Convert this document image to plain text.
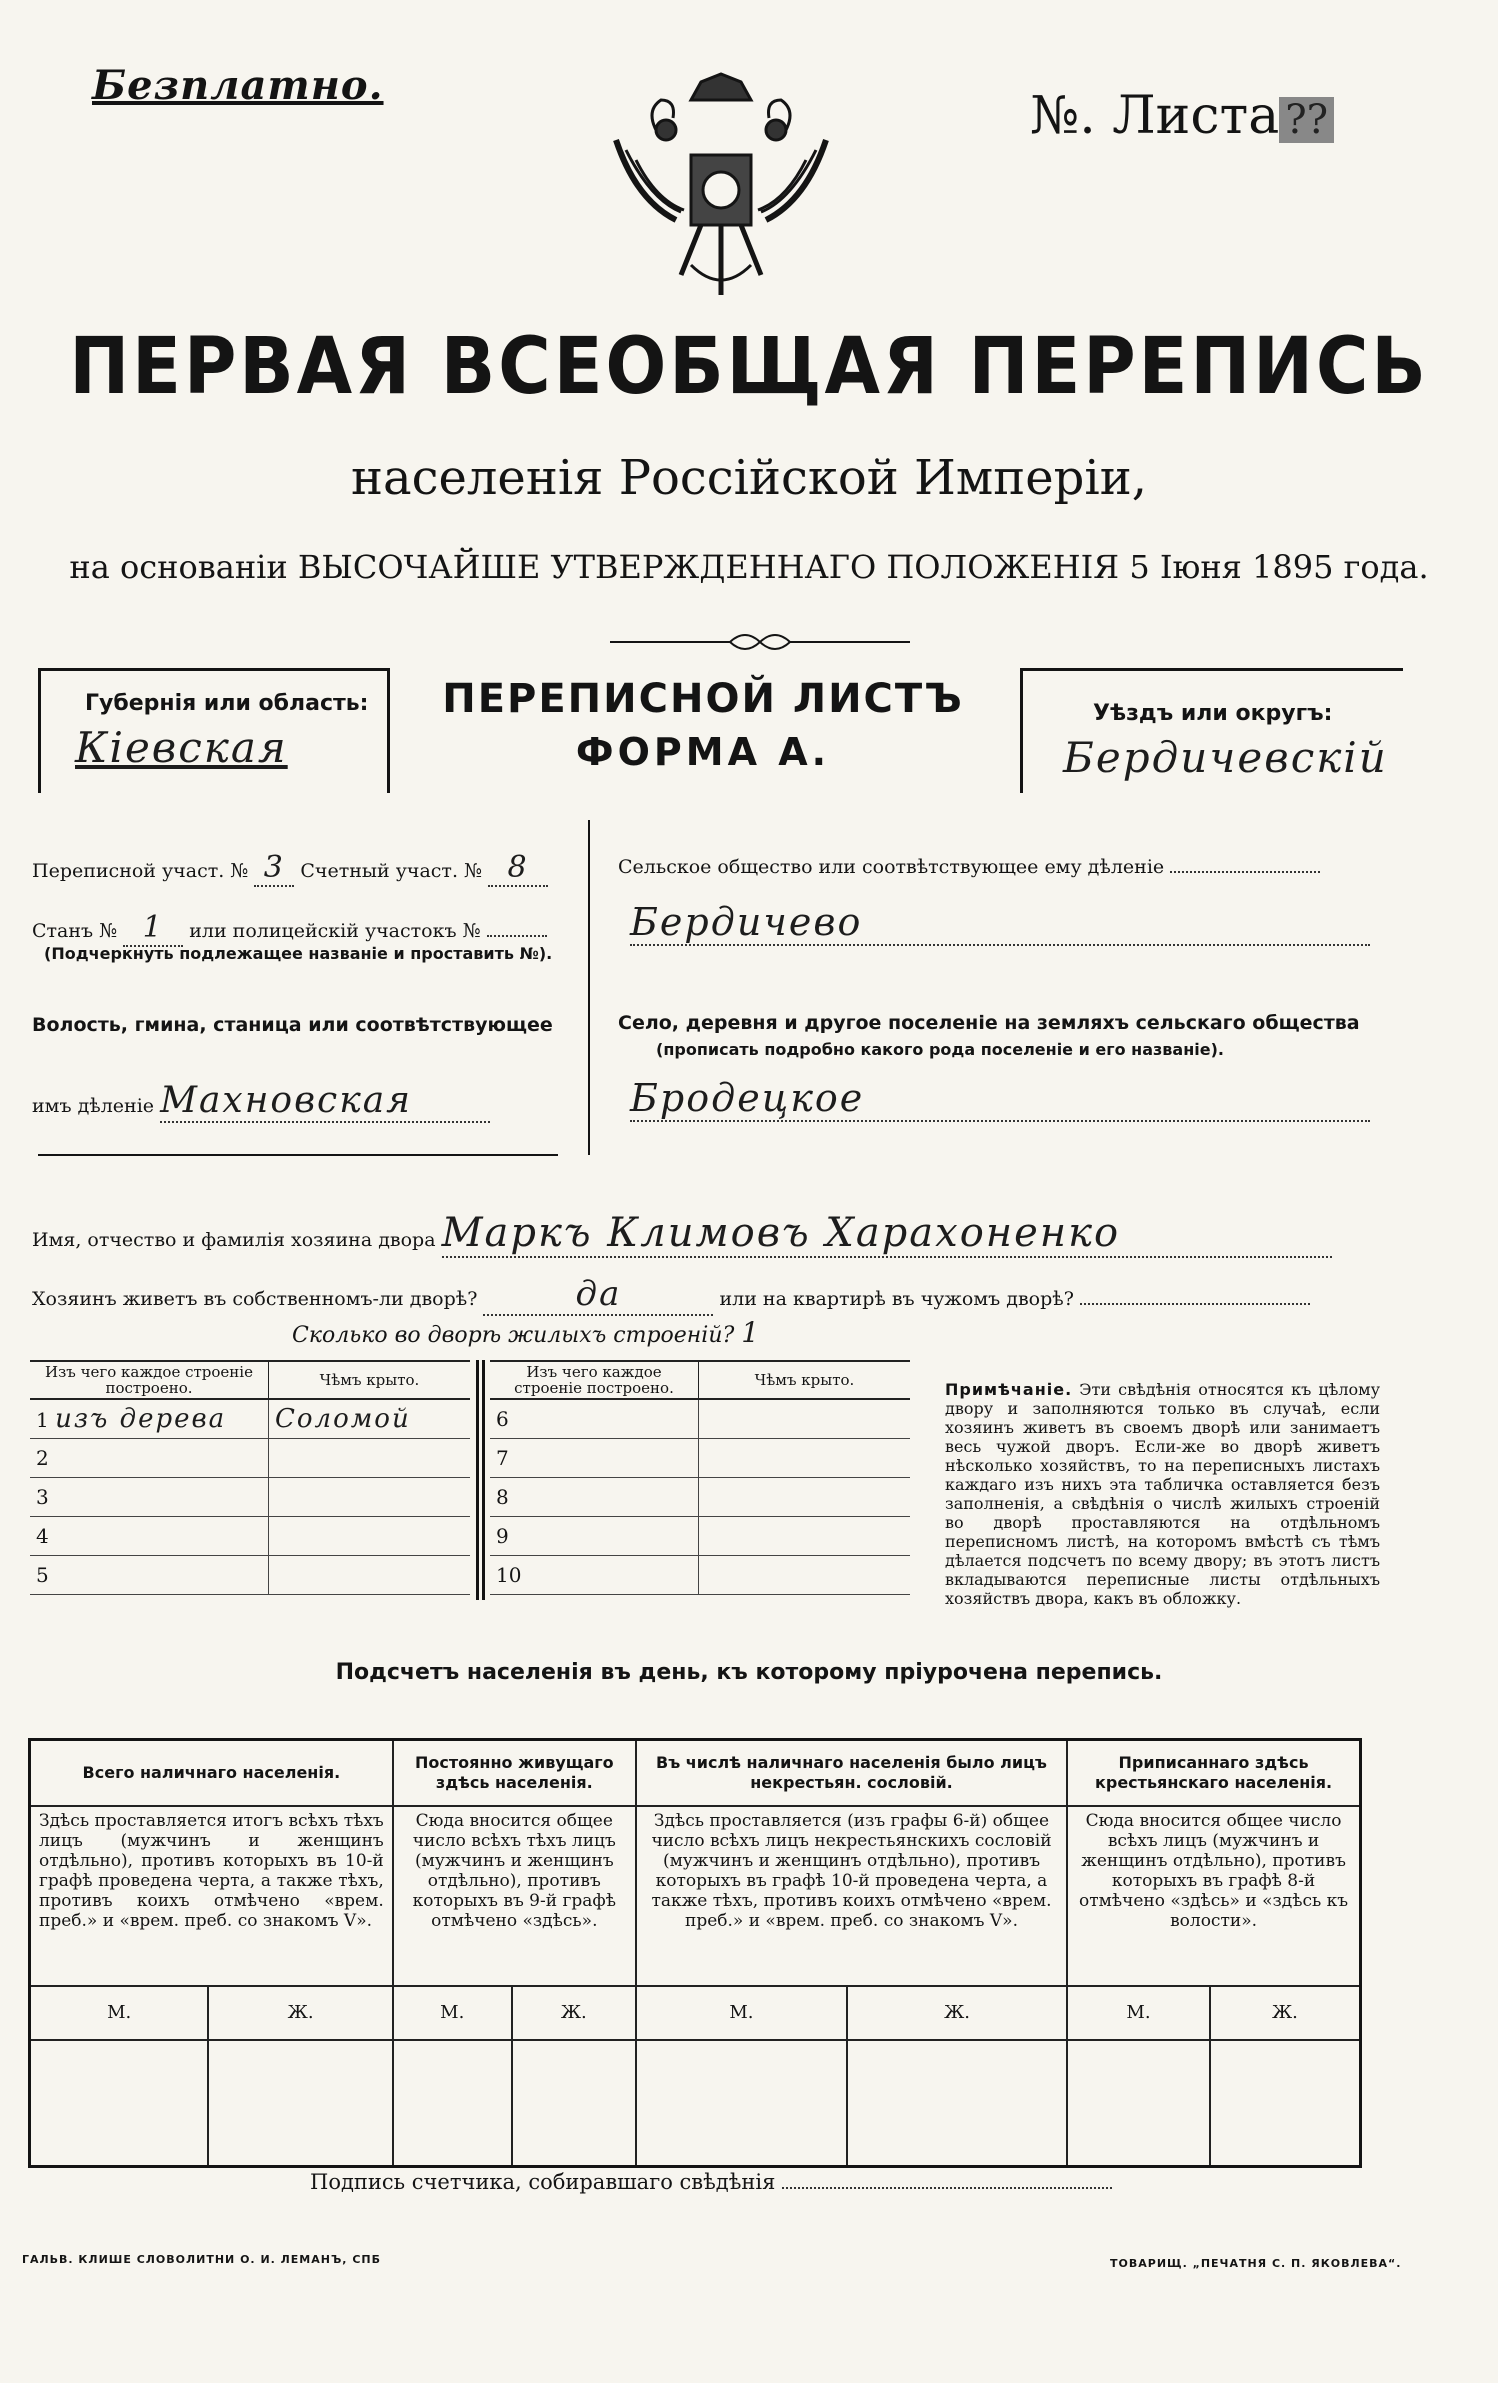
Безплатно.
№. Листа ??
ПЕРВАЯ ВСЕОБЩАЯ ПЕРЕПИСЬ
населенія Россійской Имперіи,
на основаніи ВЫСОЧАЙШЕ УТВЕРЖДЕННАГО ПОЛОЖЕНІЯ 5 Іюня 1895 года.
Губернія или область:
Кіевская
ПЕРЕПИСНОЙ ЛИСТЪ
ФОРМА А.
Уѣздъ или округъ:
Бердичевскій
Переписной участ. № 3 Счетный участ. № 8
Станъ № 1 или полицейскій участокъ №
(Подчеркнуть подлежащее названіе и проставить №).
Волость, гмина, станица или соотвѣтствующее
имъ дѣленіе Махновская
Сельское общество или соотвѣтствующее ему дѣленіе
Бердичево
Село, деревня и другое поселеніе на земляхъ сельскаго общества
(прописать подробно какого рода поселеніе и его названіе).
Бродецкое
Имя, отчество и фамилія хозяина двора Маркъ Климовъ Харахоненко
Хозяинъ живетъ въ собственномъ-ли дворѣ?	да	или на квартирѣ въ чужомъ дворѣ?
Сколько во дворѣ жилыхъ строеній? 1
Изъ чего каждое строеніе построено.	Чѣмъ крыто.
1 изъ дерева	Соломой
2	
3	
4	
5	
Изъ чего каждое строеніе построено.	Чѣмъ крыто.
6	
7	
8	
9	
10	
Примѣчаніе. Эти свѣдѣнія относятся къ цѣлому двору и заполняются только въ случаѣ, если хозяинъ живетъ въ своемъ дворѣ или занимаетъ весь чужой дворъ. Если-же во дворѣ живетъ нѣсколько хозяйствъ, то на переписныхъ листахъ каждаго изъ нихъ эта табличка оставляется безъ заполненія, а свѣдѣнія о числѣ жилыхъ строеній во дворѣ проставляются на отдѣльномъ переписномъ листѣ, на которомъ вмѣстѣ съ тѣмъ дѣлается подсчетъ по всему двору; въ этотъ листъ вкладываются переписные листы отдѣльныхъ хозяйствъ двора, какъ въ обложку.
Подсчетъ населенія въ день, къ которому пріурочена перепись.
Всего наличнаго населенія.		Постоянно живущаго здѣсь населенія.		Въ числѣ наличнаго населенія было лицъ некрестьян. сословій.		Приписаннаго здѣсь крестьянскаго населенія.	
Здѣсь проставляется итогъ всѣхъ тѣхъ лицъ (мужчинъ и женщинъ отдѣльно), противъ которыхъ въ 10-й графѣ проведена черта, а также тѣхъ, противъ коихъ отмѣчено «врем. преб.» и «врем. преб. со знакомъ V».		Сюда вносится общее число всѣхъ тѣхъ лицъ (мужчинъ и женщинъ отдѣльно), противъ которыхъ въ 9-й графѣ отмѣчено «здѣсь».		Здѣсь проставляется (изъ графы 6-й) общее число всѣхъ лицъ некрестьянскихъ сословій (мужчинъ и женщинъ отдѣльно), противъ которыхъ въ графѣ 10-й проведена черта, а также тѣхъ, противъ коихъ отмѣчено «врем. преб.» и «врем. преб. со знакомъ V».		Сюда вносится общее число всѣхъ лицъ (мужчинъ и женщинъ отдѣльно), противъ которыхъ въ графѣ 8-й отмѣчено «здѣсь» и «здѣсь къ волости».	
М.	Ж.	М.	Ж.	М.	Ж.	М.	Ж.

Подпись счетчика, собиравшаго свѣдѣнія
ГАЛЬВ. КЛИШЕ СЛОВОЛИТНИ О. И. ЛЕМАНЪ, СПБ	ТОВАРИЩ. „ПЕЧАТНЯ С. П. ЯКОВЛЕВА“.
